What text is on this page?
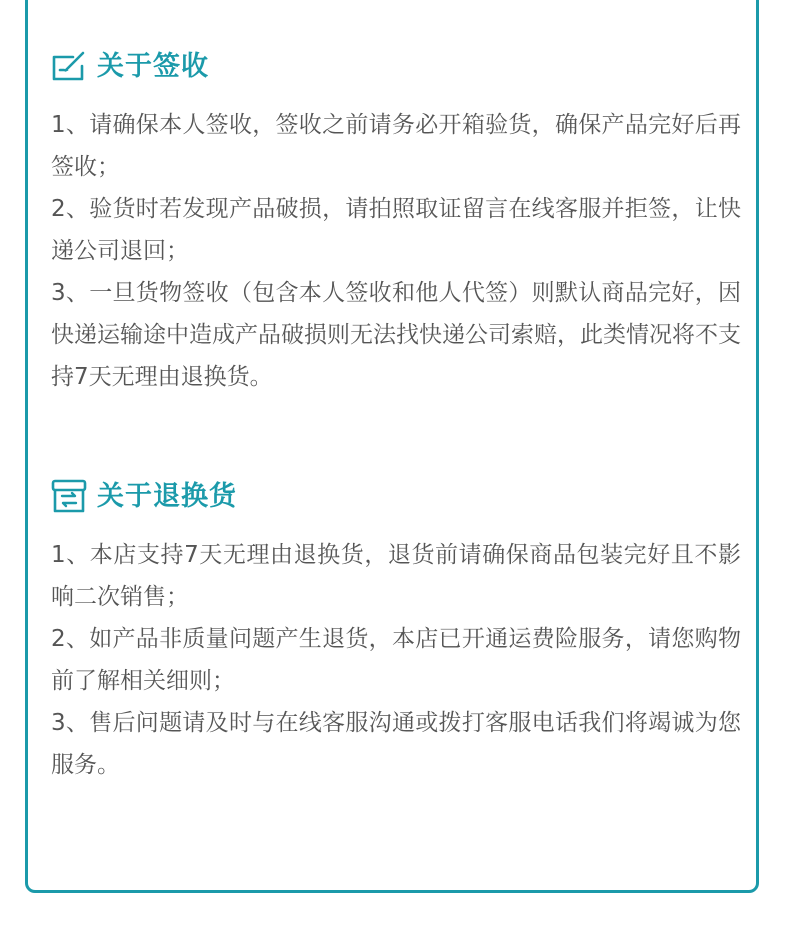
关于签收

1、请确保本人签收，签收之前请务必开箱验货，确保产品完好后再签收；

2、验货时若发现产品破损，请拍照取证留言在线客服并拒签，让快递公司退回；

3、一旦货物签收（包含本人签收和他人代签）则默认商品完好，因快递运输途中造成产品破损则无法找快递公司索赔，此类情况将不支持7天无理由退换货。

关于退换货

1、本店支持7天无理由退换货，退货前请确保商品包装完好且不影响二次销售；

2、如产品非质量问题产生退货，本店已开通运费险服务，请您购物前了解相关细则；

3、售后问题请及时与在线客服沟通或拨打客服电话我们将竭诚为您服务。
